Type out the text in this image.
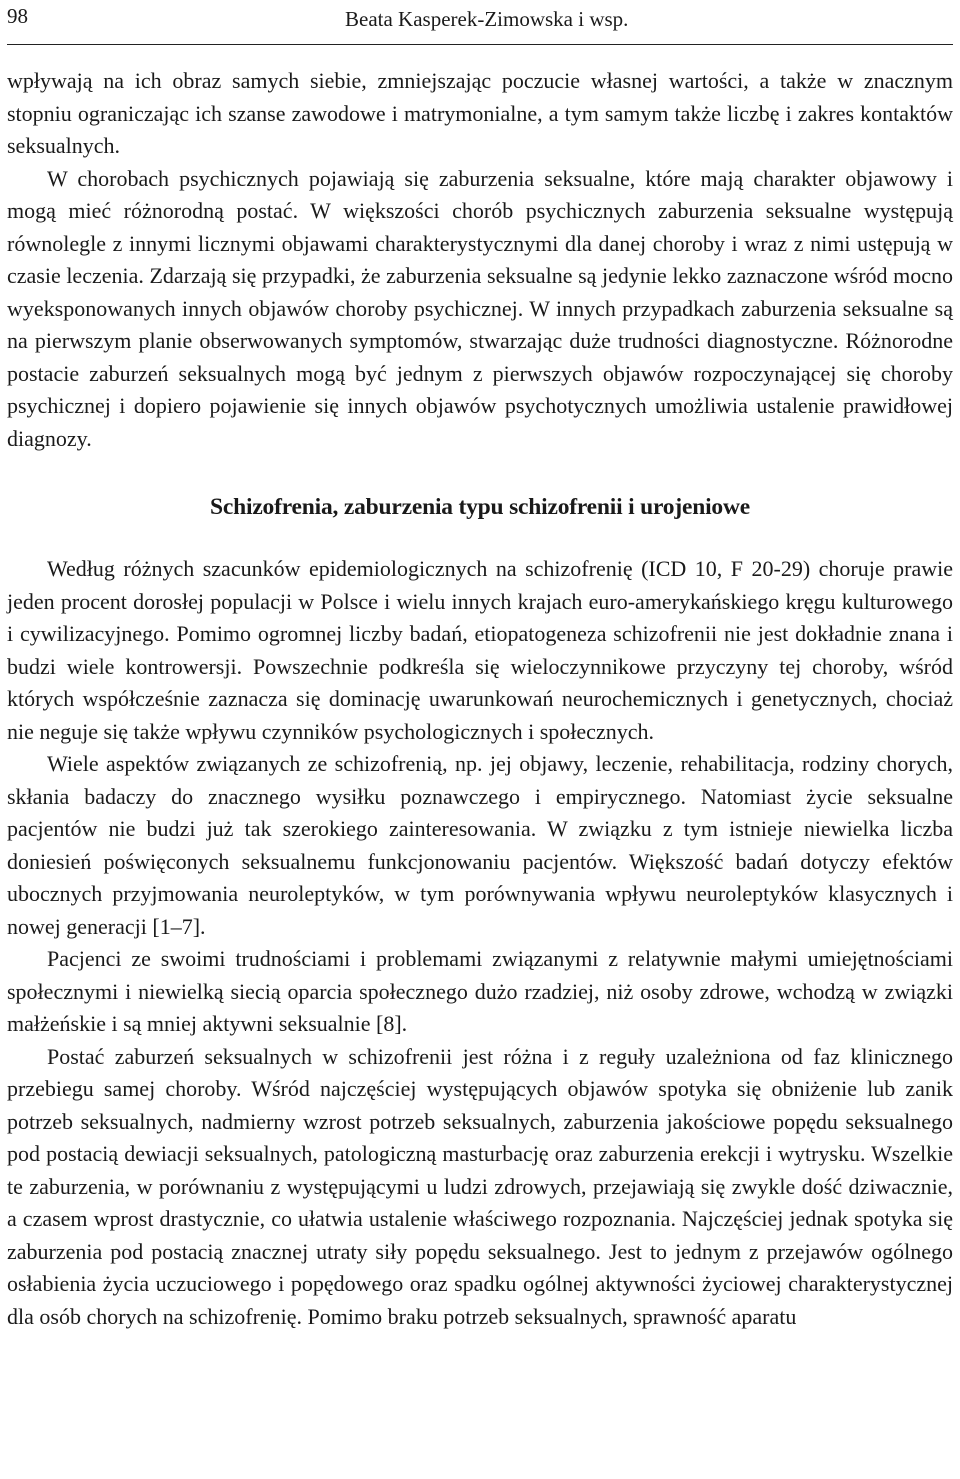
98	Beata Kasperek-Zimowska i wsp.

wpływają na ich obraz samych siebie, zmniejszając poczucie własnej wartości, a także w znacznym stopniu ograniczając ich szanse zawodowe i matrymonialne, a tym samym także liczbę i zakres kontaktów seksualnych.

W chorobach psychicznych pojawiają się zaburzenia seksualne, które mają charakter objawowy i mogą mieć różnorodną postać. W większości chorób psychicznych zaburzenia seksualne występują równolegle z innymi licznymi objawami charakterystycznymi dla danej choroby i wraz z nimi ustępują w czasie leczenia. Zdarzają się przypadki, że zaburzenia seksualne są jedynie lekko zaznaczone wśród mocno wyeksponowanych innych objawów choroby psychicznej. W innych przypadkach zaburzenia seksualne są na pierwszym planie obserwowanych symptomów, stwarzając duże trudności diagnostyczne. Różnorodne postacie zaburzeń seksualnych mogą być jednym z pierwszych objawów rozpoczynającej się choroby psychicznej i dopiero pojawienie się innych objawów psychotycznych umożliwia ustalenie prawidłowej diagnozy.

Schizofrenia, zaburzenia typu schizofrenii i urojeniowe

Według różnych szacunków epidemiologicznych na schizofrenię (ICD 10, F 20-29) choruje prawie jeden procent dorosłej populacji w Polsce i wielu innych krajach euro-amerykańskiego kręgu kulturowego i cywilizacyjnego. Pomimo ogromnej liczby badań, etiopatogeneza schizofrenii nie jest dokładnie znana i budzi wiele kontrowersji. Powszechnie podkreśla się wieloczynnikowe przyczyny tej choroby, wśród których współcześnie zaznacza się dominację uwarunkowań neurochemicznych i genetycznych, chociaż nie neguje się także wpływu czynników psychologicznych i społecznych.

Wiele aspektów związanych ze schizofrenią, np. jej objawy, leczenie, rehabilitacja, rodziny chorych, skłania badaczy do znacznego wysiłku poznawczego i empirycznego. Natomiast życie seksualne pacjentów nie budzi już tak szerokiego zainteresowania. W związku z tym istnieje niewielka liczba doniesień poświęconych seksualnemu funkcjonowaniu pacjentów. Większość badań dotyczy efektów ubocznych przyjmowania neuroleptyków, w tym porównywania wpływu neuroleptyków klasycznych i nowej generacji [1–7].

Pacjenci ze swoimi trudnościami i problemami związanymi z relatywnie małymi umiejętnościami społecznymi i niewielką siecią oparcia społecznego dużo rzadziej, niż osoby zdrowe, wchodzą w związki małżeńskie i są mniej aktywni seksualnie [8].

Postać zaburzeń seksualnych w schizofrenii jest różna i z reguły uzależniona od faz klinicznego przebiegu samej choroby. Wśród najczęściej występujących objawów spotyka się obniżenie lub zanik potrzeb seksualnych, nadmierny wzrost potrzeb seksualnych, zaburzenia jakościowe popędu seksualnego pod postacią dewiacji seksualnych, patologiczną masturbację oraz zaburzenia erekcji i wytrysku. Wszelkie te zaburzenia, w porównaniu z występującymi u ludzi zdrowych, przejawiają się zwykle dość dziwacznie, a czasem wprost drastycznie, co ułatwia ustalenie właściwego rozpoznania. Najczęściej jednak spotyka się zaburzenia pod postacią znacznej utraty siły popędu seksualnego. Jest to jednym z przejawów ogólnego osłabienia życia uczuciowego i popędowego oraz spadku ogólnej aktywności życiowej charakterystycznej dla osób chorych na schizofrenię. Pomimo braku potrzeb seksualnych, sprawność aparatu
